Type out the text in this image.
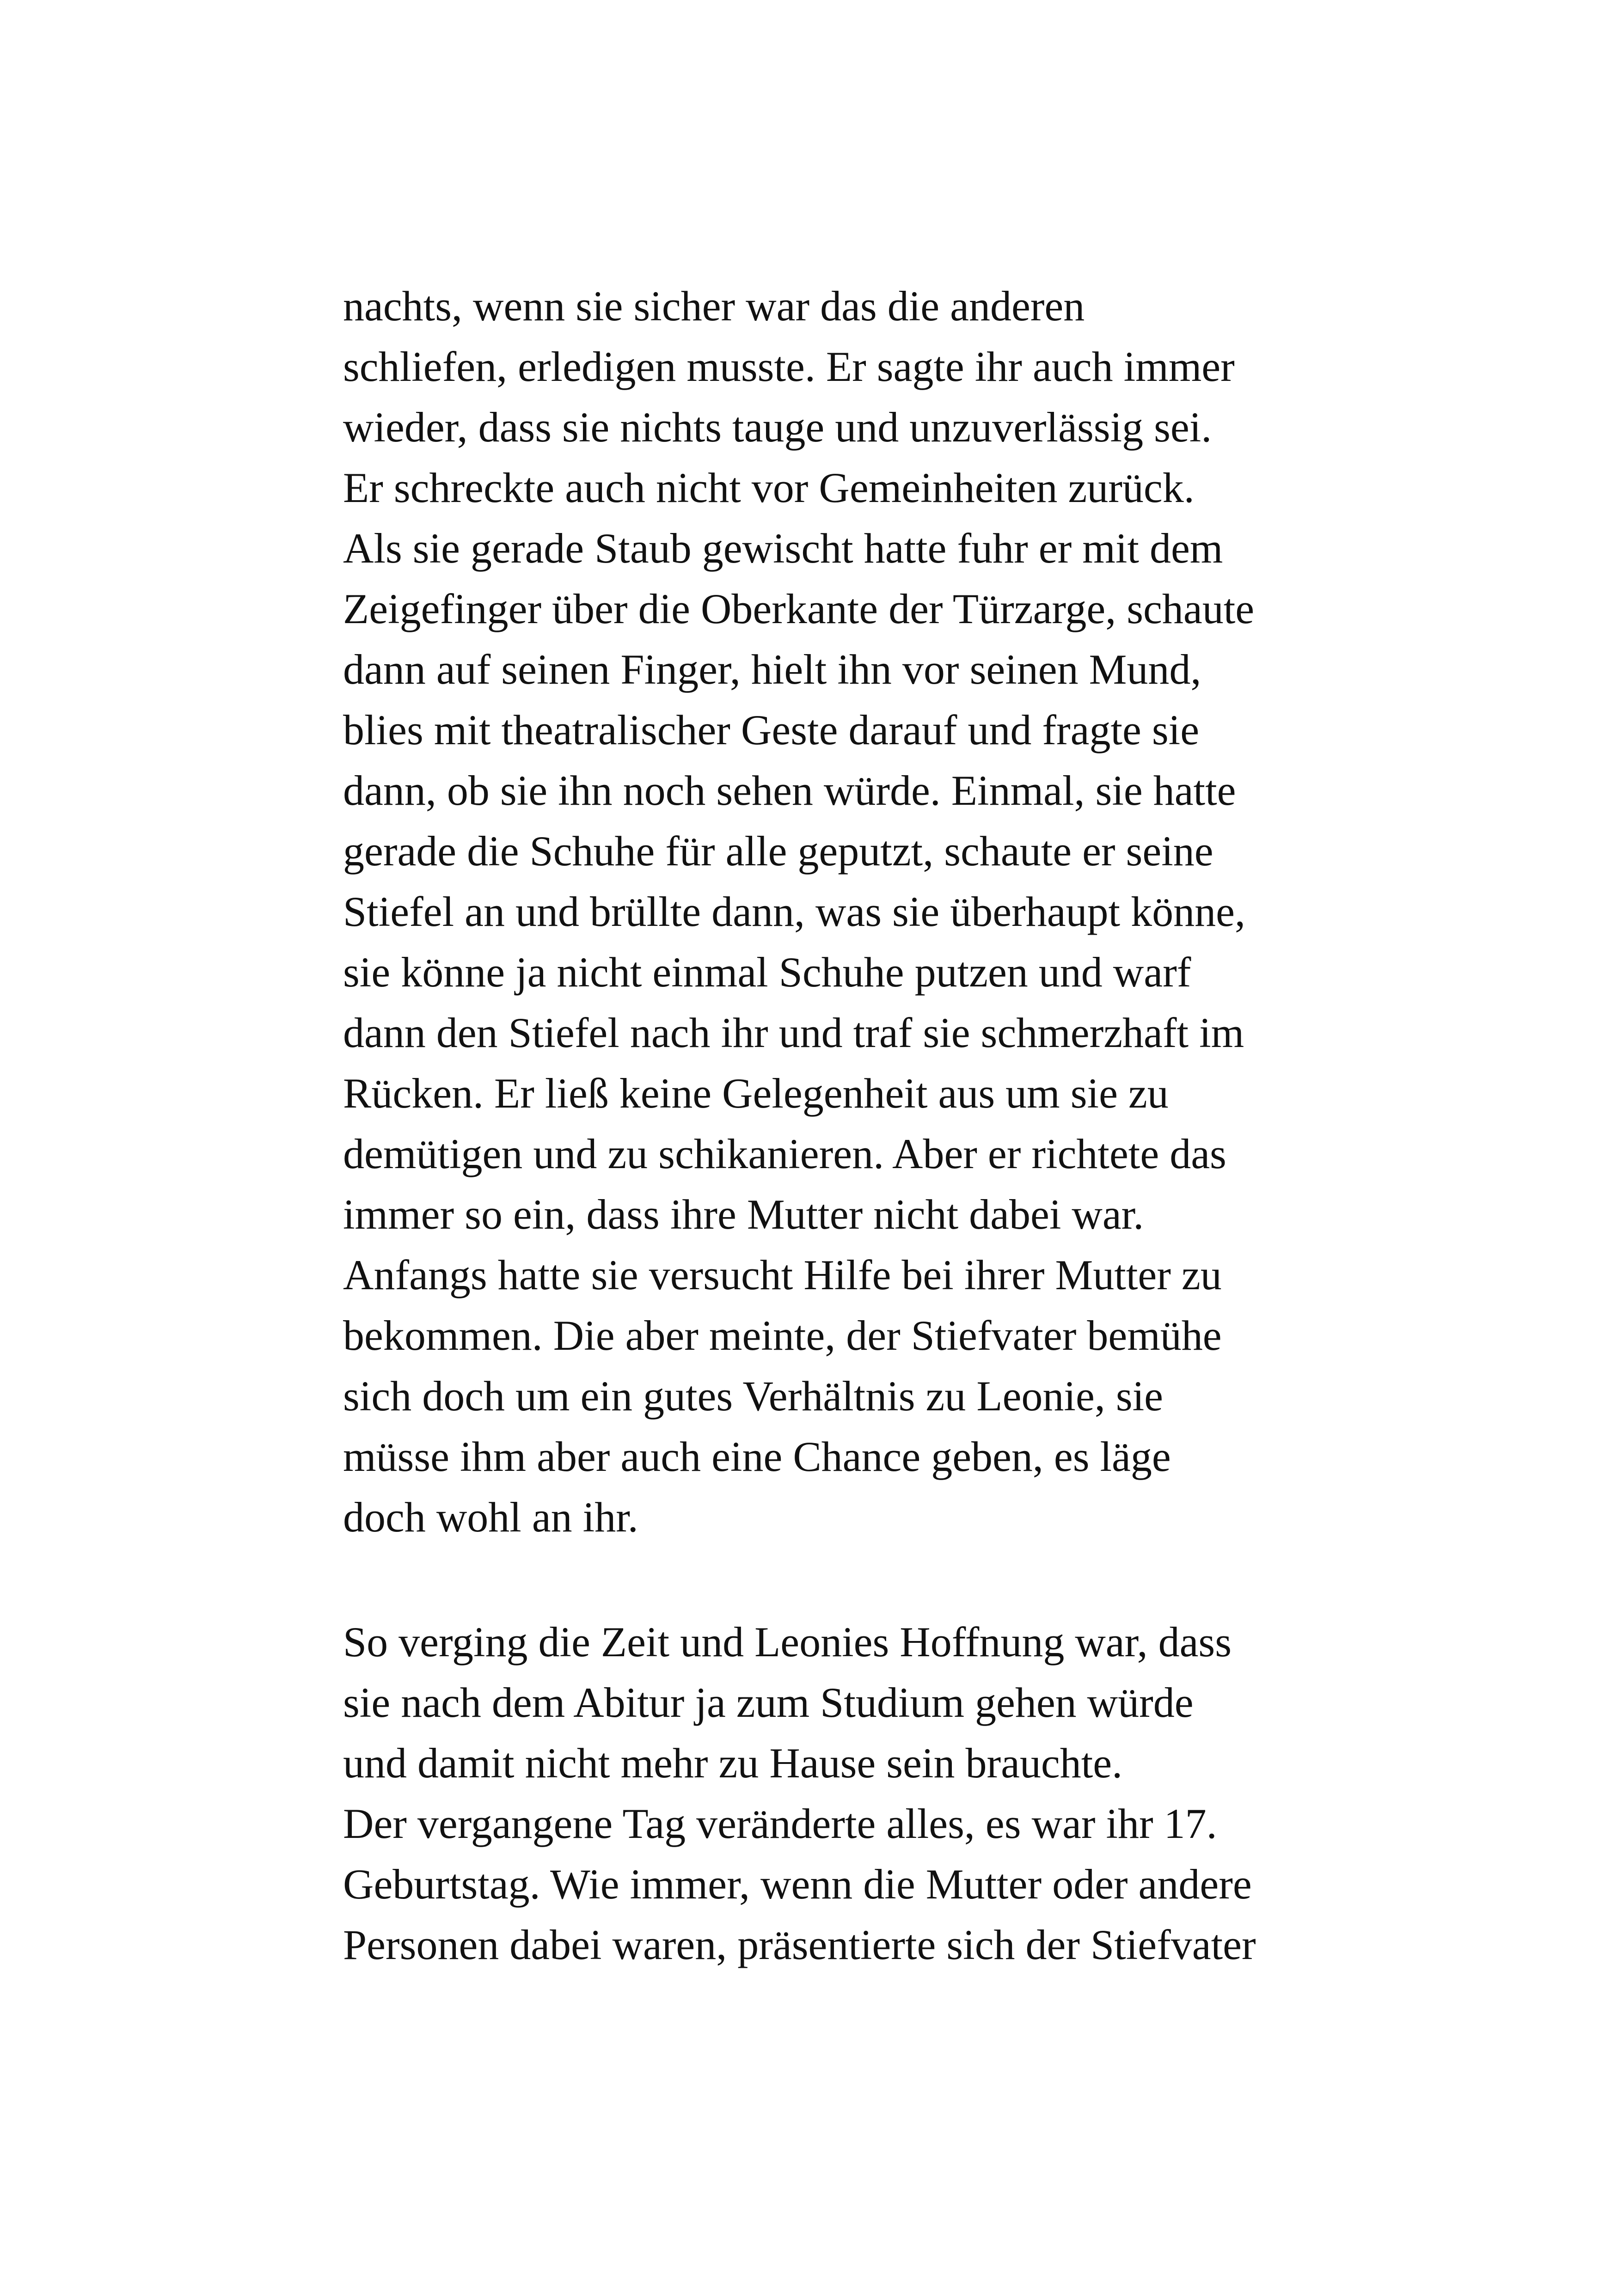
nachts, wenn sie sicher war das die anderen
schliefen, erledigen musste. Er sagte ihr auch immer
wieder, dass sie nichts tauge und unzuverlässig sei.
Er schreckte auch nicht vor Gemeinheiten zurück.
Als sie gerade Staub gewischt hatte fuhr er mit dem
Zeigefinger über die Oberkante der Türzarge, schaute
dann auf seinen Finger, hielt ihn vor seinen Mund,
blies mit theatralischer Geste darauf und fragte sie
dann, ob sie ihn noch sehen würde. Einmal, sie hatte
gerade die Schuhe für alle geputzt, schaute er seine
Stiefel an und brüllte dann, was sie überhaupt könne,
sie könne ja nicht einmal Schuhe putzen und warf
dann den Stiefel nach ihr und traf sie schmerzhaft im
Rücken. Er ließ keine Gelegenheit aus um sie zu
demütigen und zu schikanieren. Aber er richtete das
immer so ein, dass ihre Mutter nicht dabei war.
Anfangs hatte sie versucht Hilfe bei ihrer Mutter zu
bekommen. Die aber meinte, der Stiefvater bemühe
sich doch um ein gutes Verhältnis zu Leonie, sie
müsse ihm aber auch eine Chance geben, es läge
doch wohl an ihr.
So verging die Zeit und Leonies Hoffnung war, dass
sie nach dem Abitur ja zum Studium gehen würde
und damit nicht mehr zu Hause sein brauchte.
Der vergangene Tag veränderte alles, es war ihr 17.
Geburtstag. Wie immer, wenn die Mutter oder andere
Personen dabei waren, präsentierte sich der Stiefvater
